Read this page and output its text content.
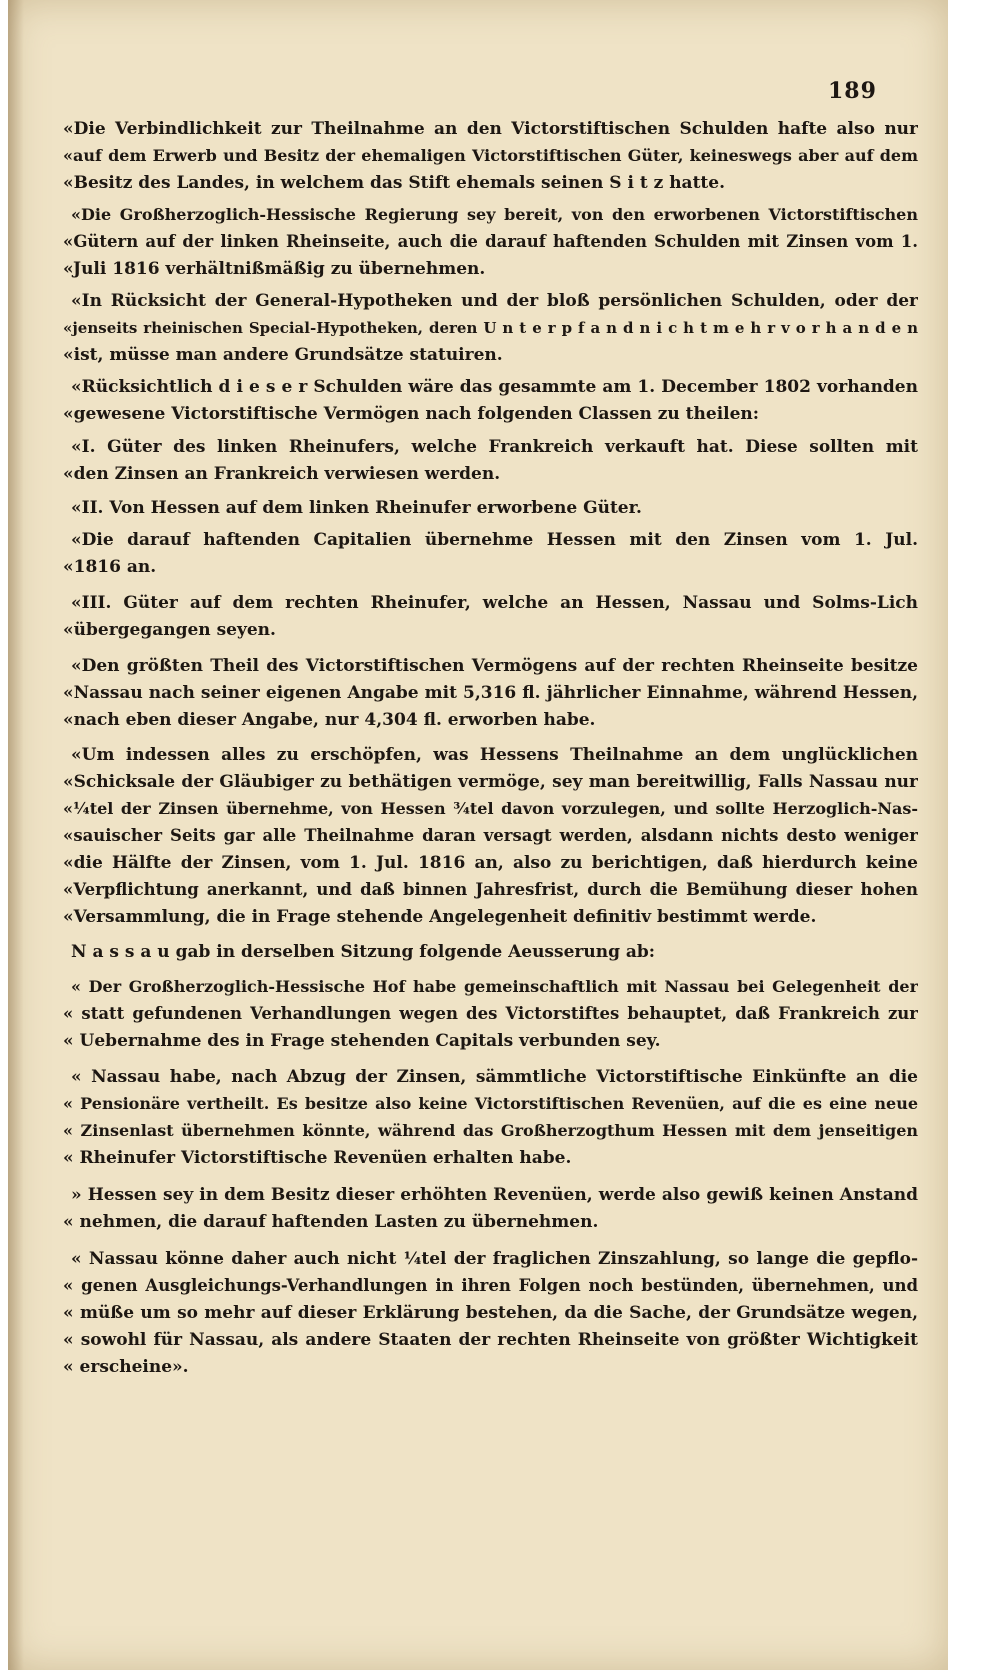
189
«Die Verbindlichkeit zur Theilnahme an den Victorstiftischen Schulden hafte also nur
«auf dem Erwerb und Besitz der ehemaligen Victorstiftischen Güter, keineswegs aber auf dem
«Besitz des Landes, in welchem das Stift ehemals seinen S i t z hatte.
«Die Großherzoglich-Hessische Regierung sey bereit, von den erworbenen Victorstiftischen
«Gütern auf der linken Rheinseite, auch die darauf haftenden Schulden mit Zinsen vom 1.
«Juli 1816 verhältnißmäßig zu übernehmen.
«In Rücksicht der General-Hypotheken und der bloß persönlichen Schulden, oder der
«jenseits rheinischen Special-Hypotheken, deren U n t e r p f a n d n i c h t m e h r v o r h a n d e n
«ist, müsse man andere Grundsätze statuiren.
«Rücksichtlich d i e s e r Schulden wäre das gesammte am 1. December 1802 vorhanden
«gewesene Victorstiftische Vermögen nach folgenden Classen zu theilen:
«I. Güter des linken Rheinufers, welche Frankreich verkauft hat. Diese sollten mit
«den Zinsen an Frankreich verwiesen werden.
«II. Von Hessen auf dem linken Rheinufer erworbene Güter.
«Die darauf haftenden Capitalien übernehme Hessen mit den Zinsen vom 1. Jul.
«1816 an.
«III. Güter auf dem rechten Rheinufer, welche an Hessen, Nassau und Solms-Lich
«übergegangen seyen.
«Den größten Theil des Victorstiftischen Vermögens auf der rechten Rheinseite besitze
«Nassau nach seiner eigenen Angabe mit 5,316 fl. jährlicher Einnahme, während Hessen,
«nach eben dieser Angabe, nur 4,304 fl. erworben habe.
«Um indessen alles zu erschöpfen, was Hessens Theilnahme an dem unglücklichen
«Schicksale der Gläubiger zu bethätigen vermöge, sey man bereitwillig, Falls Nassau nur
«¼tel der Zinsen übernehme, von Hessen ¾tel davon vorzulegen, und sollte Herzoglich-Nas-
«sauischer Seits gar alle Theilnahme daran versagt werden, alsdann nichts desto weniger
«die Hälfte der Zinsen, vom 1. Jul. 1816 an, also zu berichtigen, daß hierdurch keine
«Verpflichtung anerkannt, und daß binnen Jahresfrist, durch die Bemühung dieser hohen
«Versammlung, die in Frage stehende Angelegenheit definitiv bestimmt werde.
N a s s a u gab in derselben Sitzung folgende Aeusserung ab:
« Der Großherzoglich-Hessische Hof habe gemeinschaftlich mit Nassau bei Gelegenheit der
« statt gefundenen Verhandlungen wegen des Victorstiftes behauptet, daß Frankreich zur
« Uebernahme des in Frage stehenden Capitals verbunden sey.
« Nassau habe, nach Abzug der Zinsen, sämmtliche Victorstiftische Einkünfte an die
« Pensionäre vertheilt. Es besitze also keine Victorstiftischen Revenüen, auf die es eine neue
« Zinsenlast übernehmen könnte, während das Großherzogthum Hessen mit dem jenseitigen
« Rheinufer Victorstiftische Revenüen erhalten habe.
» Hessen sey in dem Besitz dieser erhöhten Revenüen, werde also gewiß keinen Anstand
« nehmen, die darauf haftenden Lasten zu übernehmen.
« Nassau könne daher auch nicht ¼tel der fraglichen Zinszahlung, so lange die gepflo-
« genen Ausgleichungs-Verhandlungen in ihren Folgen noch bestünden, übernehmen, und
« müße um so mehr auf dieser Erklärung bestehen, da die Sache, der Grundsätze wegen,
« sowohl für Nassau, als andere Staaten der rechten Rheinseite von größter Wichtigkeit
« erscheine».
